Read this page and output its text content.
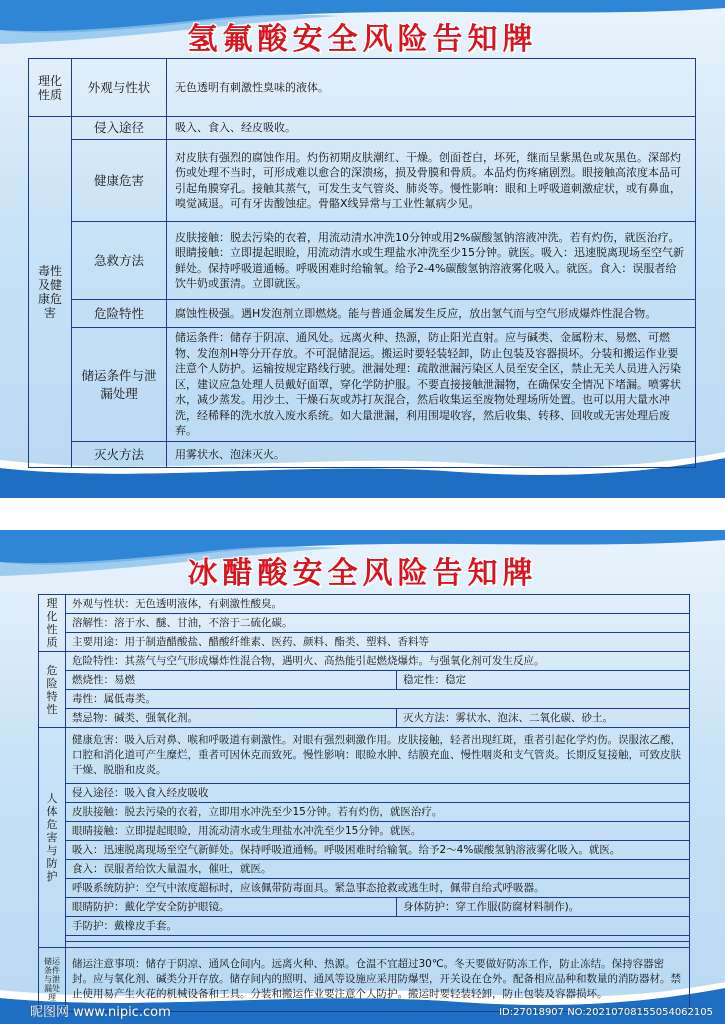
氢氟酸安全风险告知牌
理化性质	外观与性状	无色透明有刺激性臭味的液体。
毒性及健康危害	侵入途径	吸入、食入、经皮吸收。
	健康危害	对皮肤有强烈的腐蚀作用。灼伤初期皮肤潮红、干燥。创面苍白，坏死，继而呈紫黑色或灰黑色。深部灼伤或处理不当时，可形成难以愈合的深溃疡，损及骨膜和骨质。本品灼伤疼痛剧烈。眼接触高浓度本品可引起角膜穿孔。接触其蒸气，可发生支气管炎、肺炎等。慢性影响：眼和上呼吸道刺激症状，或有鼻血，嗅觉减退。可有牙齿酸蚀症。骨骼X线异常与工业性氟病少见。
	急救方法	皮肤接触：脱去污染的衣着，用流动清水冲洗10分钟或用2%碳酸氢钠溶液冲洗。若有灼伤，就医治疗。眼睛接触：立即提起眼睑，用流动清水或生理盐水冲洗至少15分钟。就医。吸入：迅速脱离现场至空气新鲜处。保持呼吸道通畅。呼吸困难时给输氧。给予2-4%碳酸氢钠溶液雾化吸入。就医。食入：误服者给饮牛奶或蛋清。立即就医。
	危险特性	腐蚀性极强。遇H发泡剂立即燃烧。能与普通金属发生反应，放出氢气而与空气形成爆炸性混合物。
	储运条件与泄漏处理	储运条件：储存于阴凉、通风处。远离火种、热源，防止阳光直射。应与碱类、金属粉末、易燃、可燃物、发泡剂H等分开存放。不可混储混运。搬运时要轻装轻卸，防止包装及容器损坏。分装和搬运作业要注意个人防护。运输按规定路线行驶。泄漏处理：疏散泄漏污染区人员至安全区，禁止无关人员进入污染区，建议应急处理人员戴好面罩，穿化学防护服。不要直接接触泄漏物，在确保安全情况下堵漏。喷雾状水，减少蒸发。用沙土、干燥石灰或苏打灰混合，然后收集运至废物处理场所处置。也可以用大量水冲洗，经稀释的洗水放入废水系统。如大量泄漏，利用围堤收容，然后收集、转移、回收或无害处理后废弃。
	灭火方法	用雾状水、泡沫灭火。
冰醋酸安全风险告知牌
理化性质	外观与性状：无色透明液体，有刺激性酸臭。	
	溶解性：溶于水、醚、甘油，不溶于二硫化碳。	
	主要用途：用于制造醋酸盐、醋酸纤维素、医药、颜料、酯类、塑料、香料等	
危险特性	危险特性：其蒸气与空气形成爆炸性混合物，遇明火、高热能引起燃烧爆炸。与强氧化剂可发生反应。	
	燃烧性：易燃	稳定性：稳定
	毒性：属低毒类。	
	禁忌物：碱类、强氧化剂。	灭火方法：雾状水、泡沫、二氧化碳、砂土。
人体危害与防护	健康危害：吸入后对鼻、喉和呼吸道有刺激性。对眼有强烈刺激作用。皮肤接触，轻者出现红斑，重者引起化学灼伤。误服浓乙酸，口腔和消化道可产生糜烂，重者可因休克而致死。慢性影响：眼睑水肿、结膜充血、慢性咽炎和支气管炎。长期反复接触，可致皮肤干燥、脱脂和皮炎。	
	侵入途径：吸入食入经皮吸收	
	皮肤接触：脱去污染的衣着，立即用水冲洗至少15分钟。若有灼伤，就医治疗。	
	眼睛接触：立即提起眼睑，用流动清水或生理盐水冲洗至少15分钟。就医。	
	吸入：迅速脱离现场至空气新鲜处。保持呼吸道通畅。呼吸困难时给输氧。给予2～4%碳酸氢钠溶液雾化吸入。就医。	
	食入：误服者给饮大量温水，催吐，就医。	
	呼吸系统防护：空气中浓度超标时，应该佩带防毒面具。紧急事态抢救或逃生时，佩带自给式呼吸器。	
	眼睛防护：戴化学安全防护眼镜。	身体防护：穿工作服(防腐材料制作)。
	手防护：戴橡皮手套。	

储运条件与泄漏处理	储运注意事项：储存于阴凉、通风仓间内。远离火种、热源。仓温不宜超过30℃。冬天要做好防冻工作，防止冻结。保持容器密封。应与氧化剂、碱类分开存放。储存间内的照明、通风等设施应采用防爆型，开关设在仓外。配备相应品种和数量的消防器材。禁止使用易产生火花的机械设备和工具。分装和搬运作业要注意个人防护。搬运时要轻装轻卸，防止包装及容器损坏。	
昵图网 www.nipic.com	ID:27018907 NO:20210708155054062105
